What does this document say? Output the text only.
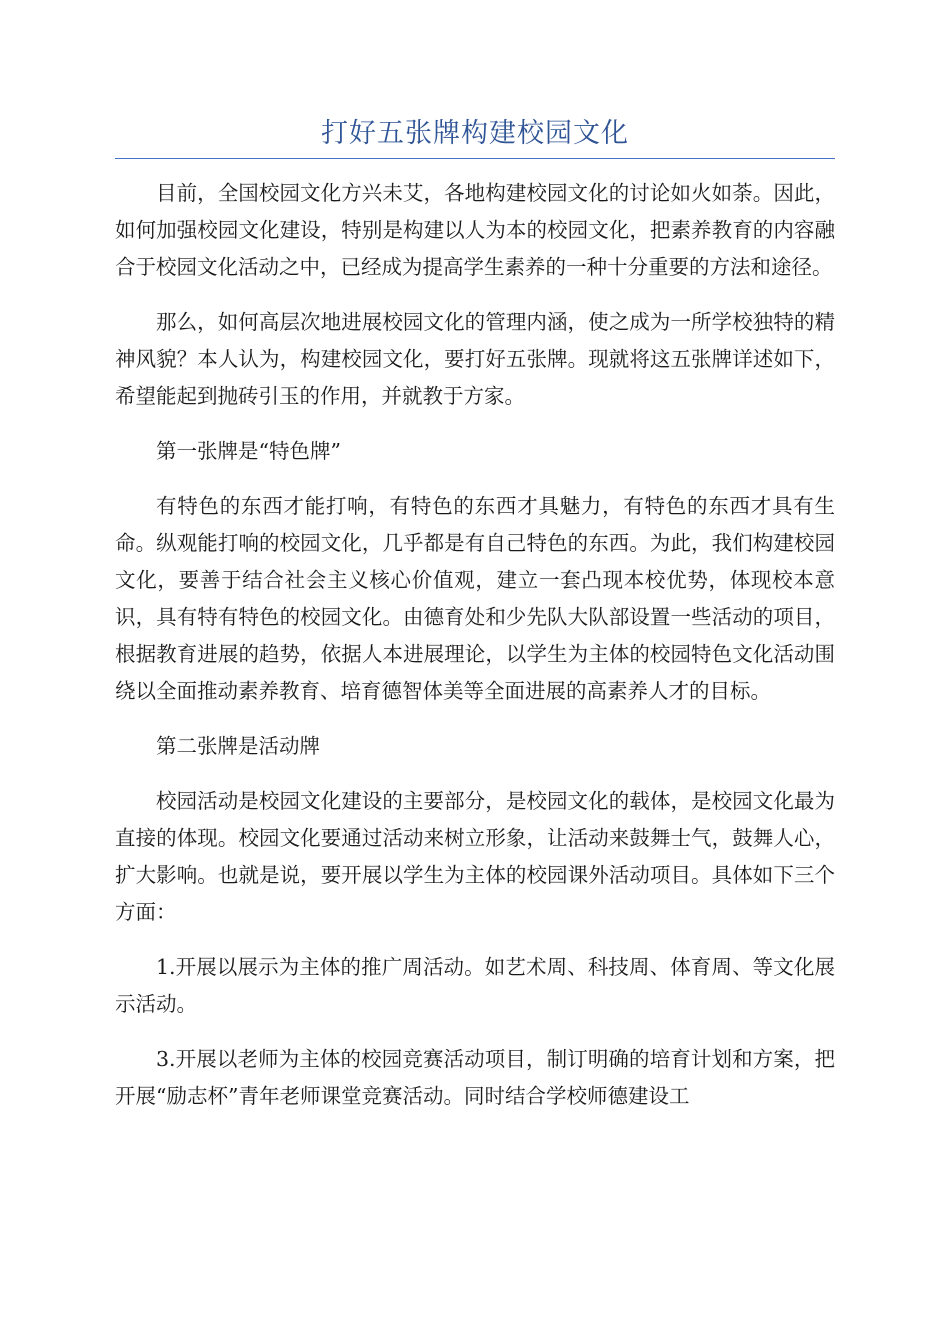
打好五张牌构建校园文化

目前，全国校园文化方兴未艾，各地构建校园文化的讨论如火如荼。因此，如何加强校园文化建设，特别是构建以人为本的校园文化，把素养教育的内容融合于校园文化活动之中，已经成为提高学生素养的一种十分重要的方法和途径。

那么，如何高层次地进展校园文化的管理内涵，使之成为一所学校独特的精神风貌？本人认为，构建校园文化，要打好五张牌。现就将这五张牌详述如下，希望能起到抛砖引玉的作用，并就教于方家。

第一张牌是“特色牌”

有特色的东西才能打响，有特色的东西才具魅力，有特色的东西才具有生命。纵观能打响的校园文化，几乎都是有自己特色的东西。为此，我们构建校园文化，要善于结合社会主义核心价值观，建立一套凸现本校优势，体现校本意识，具有特有特色的校园文化。由德育处和少先队大队部设置一些活动的项目，根据教育进展的趋势，依据人本进展理论，以学生为主体的校园特色文化活动围绕以全面推动素养教育、培育德智体美等全面进展的高素养人才的目标。

第二张牌是活动牌

校园活动是校园文化建设的主要部分，是校园文化的载体，是校园文化最为直接的体现。校园文化要通过活动来树立形象，让活动来鼓舞士气，鼓舞人心，扩大影响。也就是说，要开展以学生为主体的校园课外活动项目。具体如下三个方面：

1.开展以展示为主体的推广周活动。如艺术周、科技周、体育周、等文化展示活动。

3.开展以老师为主体的校园竞赛活动项目，制订明确的培育计划和方案，把开展“励志杯”青年老师课堂竞赛活动。同时结合学校师德建设工
